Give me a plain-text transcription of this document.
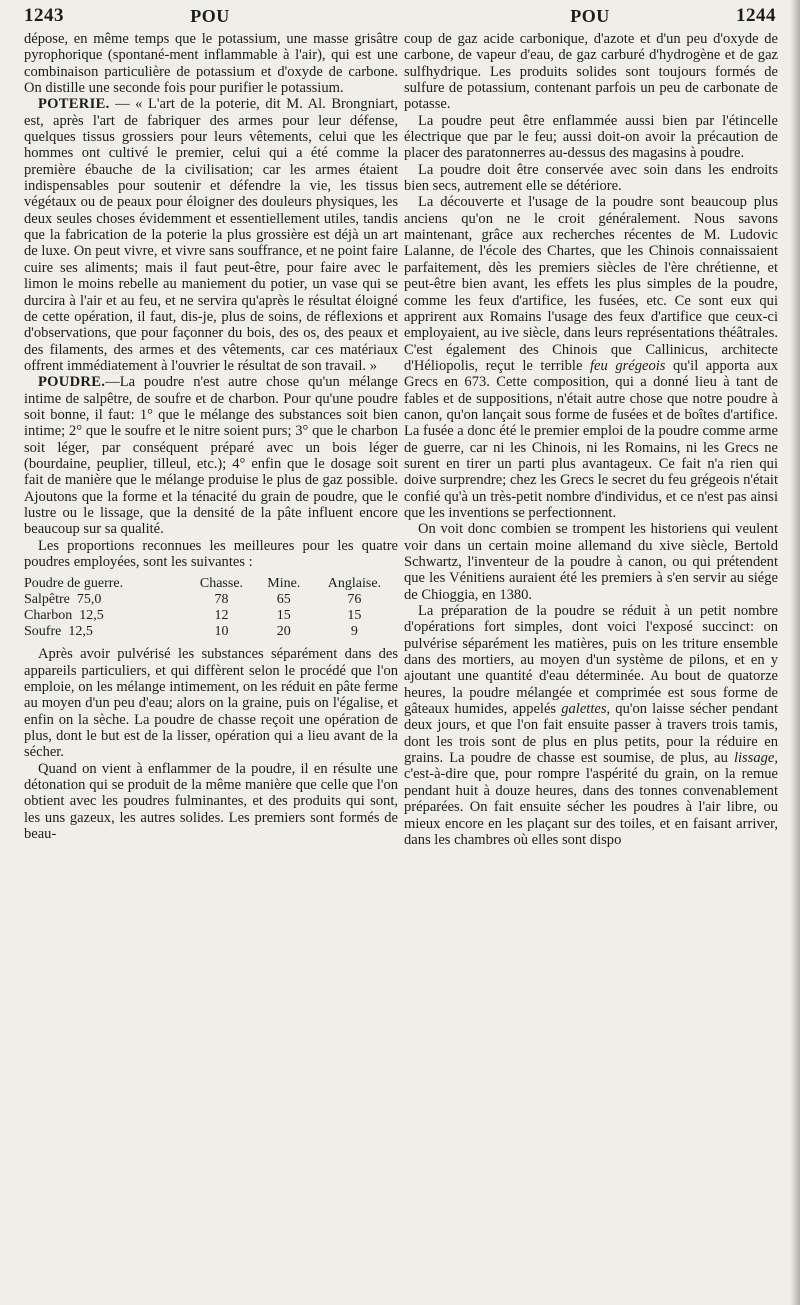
1243	POU	POU	1244

dépose, en même temps que le potassium, une masse grisâtre pyrophorique (spontané-ment inflammable à l'air), qui est une combinaison particulière de potassium et d'oxyde de carbone. On distille une seconde fois pour purifier le potassium.

POTERIE. — « L'art de la poterie, dit M. Al. Brongniart, est, après l'art de fabriquer des armes pour leur défense, quelques tissus grossiers pour leurs vêtements, celui que les hommes ont cultivé le premier, celui qui a été comme la première ébauche de la civilisation; car les armes étaient indispensables pour soutenir et défendre la vie, les tissus végétaux ou de peaux pour éloigner des douleurs physiques, les deux seules choses évidemment et essentiellement utiles, tandis que la fabrication de la poterie la plus grossière est déjà un art de luxe. On peut vivre, et vivre sans souffrance, et ne point faire cuire ses aliments; mais il faut peut-être, pour faire avec le limon le moins rebelle au maniement du potier, un vase qui se durcira à l'air et au feu, et ne servira qu'après le résultat éloigné de cette opération, il faut, dis-je, plus de soins, de réflexions et d'observations, que pour façonner du bois, des os, des peaux et des filaments, des armes et des vêtements, car ces matériaux offrent immédiatement à l'ouvrier le résultat de son travail. »

POUDRE.—La poudre n'est autre chose qu'un mélange intime de salpêtre, de soufre et de charbon. Pour qu'une poudre soit bonne, il faut: 1° que le mélange des substances soit bien intime; 2° que le soufre et le nitre soient purs; 3° que le charbon soit léger, par conséquent préparé avec un bois léger (bourdaine, peuplier, tilleul, etc.); 4° enfin que le dosage soit fait de manière que le mélange produise le plus de gaz possible. Ajoutons que la forme et la ténacité du grain de poudre, que le lustre ou le lissage, que la densité de la pâte influent encore beaucoup sur sa qualité.

Les proportions reconnues les meilleures pour les quatre poudres employées, sont les suivantes :

Poudre de guerre.	Chasse.	Mine.	Anglaise.
Salpêtre 75,0	78	65	76
Charbon 12,5	12	15	15
Soufre 12,5	10	20	9

Après avoir pulvérisé les substances séparément dans des appareils particuliers, et qui diffèrent selon le procédé que l'on emploie, on les mélange intimement, on les réduit en pâte ferme au moyen d'un peu d'eau; alors on la graine, puis on l'égalise, et enfin on la sèche. La poudre de chasse reçoit une opération de plus, dont le but est de la lisser, opération qui a lieu avant de la sécher.

Quand on vient à enflammer de la poudre, il en résulte une détonation qui se produit de la même manière que celle que l'on obtient avec les poudres fulminantes, et des produits qui sont, les uns gazeux, les autres solides. Les premiers sont formés de beau-

coup de gaz acide carbonique, d'azote et d'un peu d'oxyde de carbone, de vapeur d'eau, de gaz carburé d'hydrogène et de gaz sulfhydrique. Les produits solides sont toujours formés de sulfure de potassium, contenant parfois un peu de carbonate de potasse.

La poudre peut être enflammée aussi bien par l'étincelle électrique que par le feu; aussi doit-on avoir la précaution de placer des paratonnerres au-dessus des magasins à poudre.

La poudre doit être conservée avec soin dans les endroits bien secs, autrement elle se détériore.

La découverte et l'usage de la poudre sont beaucoup plus anciens qu'on ne le croit généralement. Nous savons maintenant, grâce aux recherches récentes de M. Ludovic Lalanne, de l'école des Chartes, que les Chinois connaissaient parfaitement, dès les premiers siècles de l'ère chrétienne, et peut-être bien avant, les effets les plus simples de la poudre, comme les feux d'artifice, les fusées, etc. Ce sont eux qui apprirent aux Romains l'usage des feux d'artifice que ceux-ci employaient, au ive siècle, dans leurs représentations théâtrales. C'est également des Chinois que Callinicus, architecte d'Héliopolis, reçut le terrible feu grégeois qu'il apporta aux Grecs en 673. Cette composition, qui a donné lieu à tant de fables et de suppositions, n'était autre chose que notre poudre à canon, qu'on lançait sous forme de fusées et de boîtes d'artifice. La fusée a donc été le premier emploi de la poudre comme arme de guerre, car ni les Chinois, ni les Romains, ni les Grecs ne surent en tirer un parti plus avantageux. Ce fait n'a rien qui doive surprendre; chez les Grecs le secret du feu grégeois n'était confié qu'à un très-petit nombre d'individus, et ce n'est pas ainsi que les inventions se perfectionnent.

On voit donc combien se trompent les historiens qui veulent voir dans un certain moine allemand du xive siècle, Bertold Schwartz, l'inventeur de la poudre à canon, ou qui prétendent que les Vénitiens auraient été les premiers à s'en servir au siége de Chioggia, en 1380.

La préparation de la poudre se réduit à un petit nombre d'opérations fort simples, dont voici l'exposé succinct: on pulvérise séparément les matières, puis on les triture ensemble dans des mortiers, au moyen d'un système de pilons, et en y ajoutant une quantité d'eau déterminée. Au bout de quatorze heures, la poudre mélangée et comprimée est sous forme de gâteaux humides, appelés galettes, qu'on laisse sécher pendant deux jours, et que l'on fait ensuite passer à travers trois tamis, dont les trois sont de plus en plus petits, pour la réduire en grains. La poudre de chasse est soumise, de plus, au lissage, c'est-à-dire que, pour rompre l'aspérité du grain, on la remue pendant huit à douze heures, dans des tonnes convenablement préparées. On fait ensuite sécher les poudres à l'air libre, ou mieux encore en les plaçant sur des toiles, et en faisant arriver, dans les chambres où elles sont dispo
